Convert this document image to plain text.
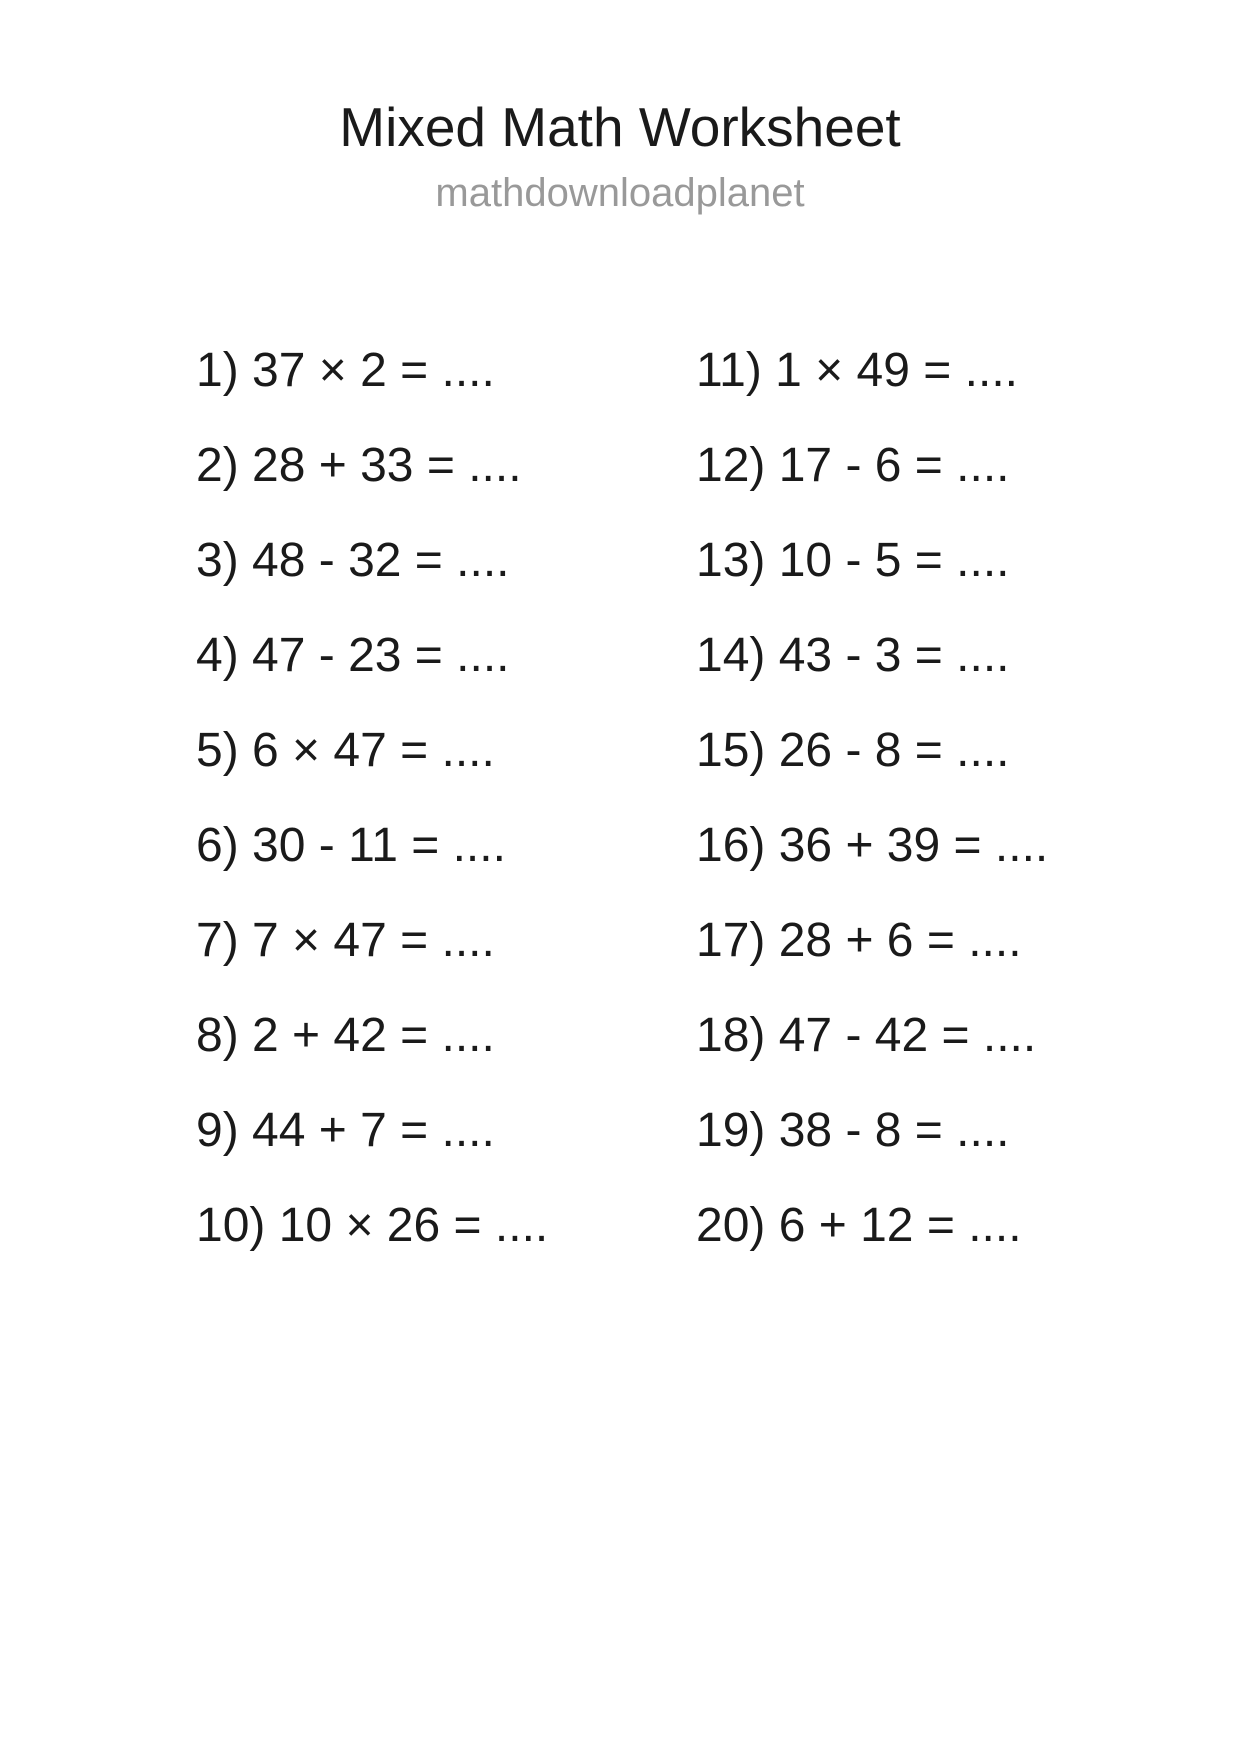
Mixed Math Worksheet
mathdownloadplanet
1) 37 × 2 = ....
2) 28 + 33 = ....
3) 48 - 32 = ....
4) 47 - 23 = ....
5) 6 × 47 = ....
6) 30 - 11 = ....
7) 7 × 47 = ....
8) 2 + 42 = ....
9) 44 + 7 = ....
10) 10 × 26 = ....
11) 1 × 49 = ....
12) 17 - 6 = ....
13) 10 - 5 = ....
14) 43 - 3 = ....
15) 26 - 8 = ....
16) 36 + 39 = ....
17) 28 + 6 = ....
18) 47 - 42 = ....
19) 38 - 8 = ....
20) 6 + 12 = ....
